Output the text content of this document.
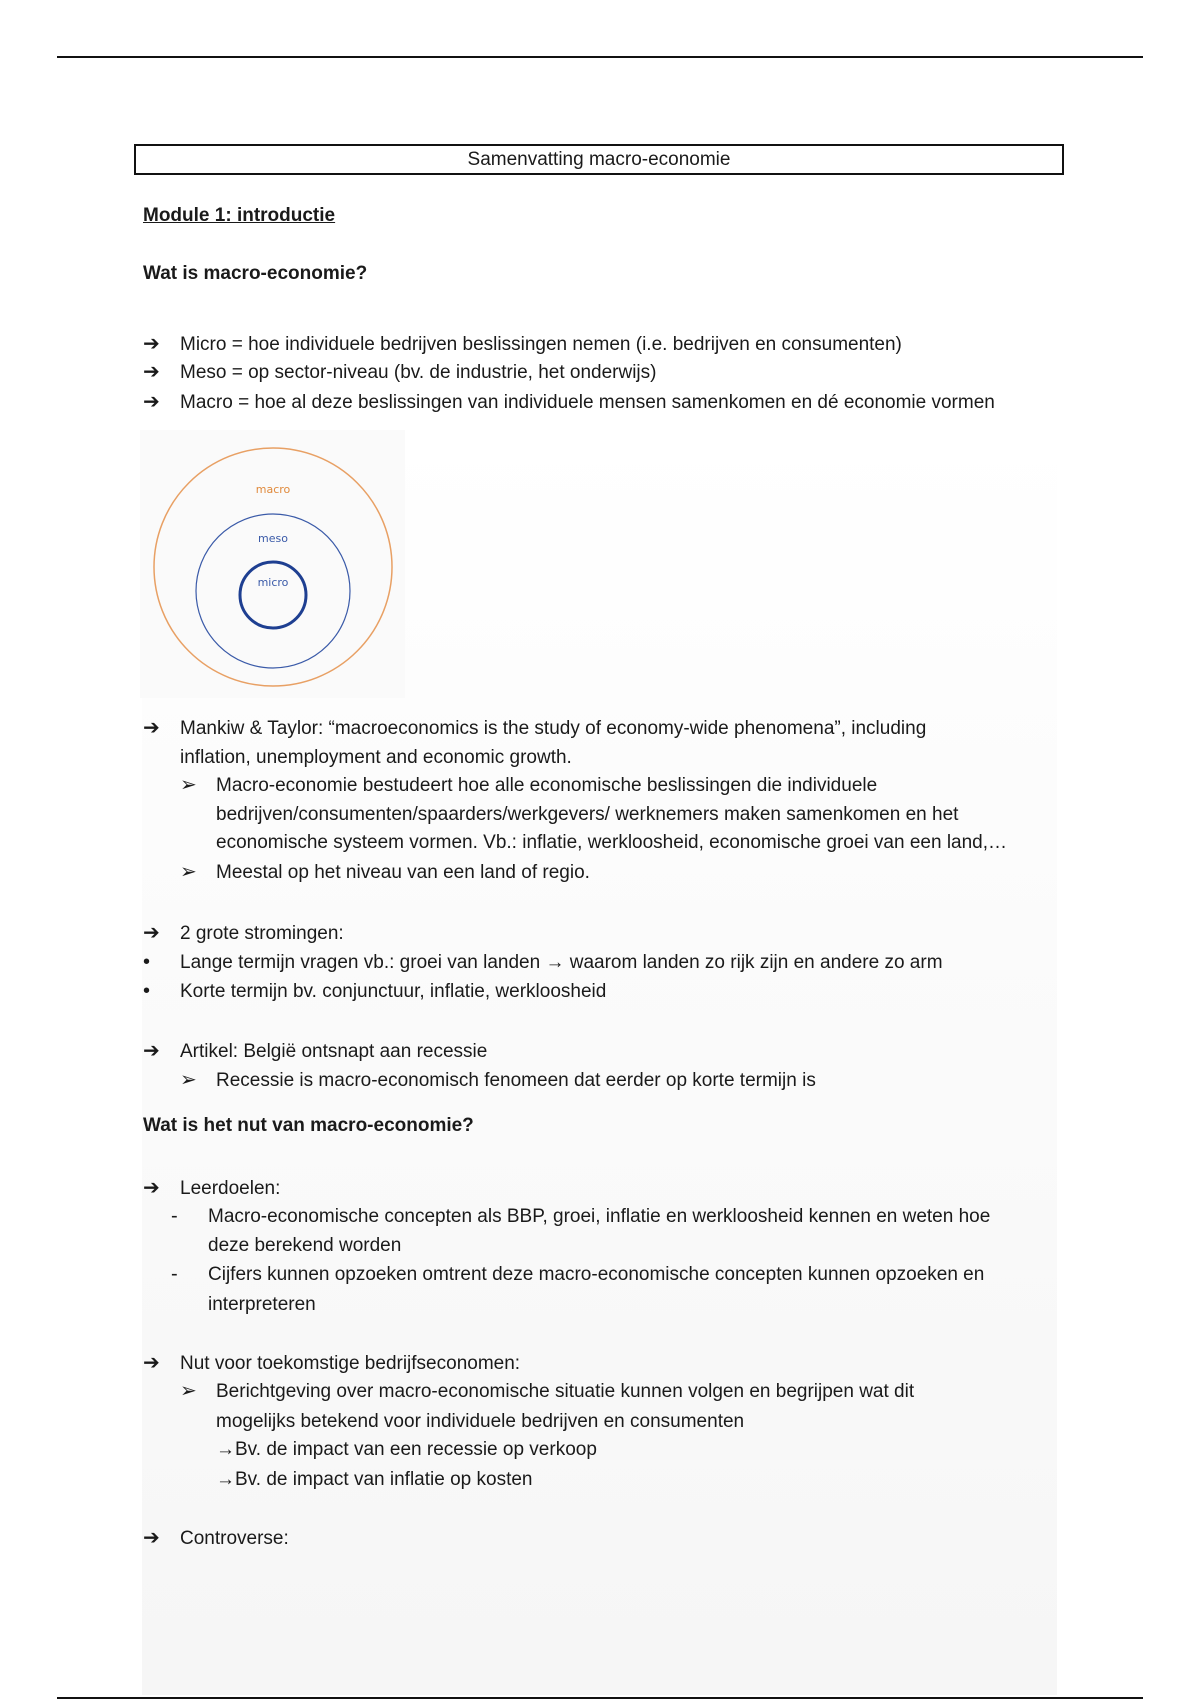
Samenvatting macro-economie
Module 1: introductie
Wat is macro-economie?
➔ Micro = hoe individuele bedrijven beslissingen nemen (i.e. bedrijven en consumenten)
➔ Meso = op sector-niveau (bv. de industrie, het onderwijs)
➔ Macro = hoe al deze beslissingen van individuele mensen samenkomen en dé economie vormen
macro
meso
micro
➔ Mankiw & Taylor: “macroeconomics is the study of economy-wide phenomena”, including
inflation, unemployment and economic growth.
➢ Macro-economie bestudeert hoe alle economische beslissingen die individuele
bedrijven/consumenten/spaarders/werkgevers/ werknemers maken samenkomen en het
economische systeem vormen. Vb.: inflatie, werkloosheid, economische groei van een land,…
➢ Meestal op het niveau van een land of regio.
➔ 2 grote stromingen:
• Lange termijn vragen vb.: groei van landen → waarom landen zo rijk zijn en andere zo arm
• Korte termijn bv. conjunctuur, inflatie, werkloosheid
➔ Artikel: België ontsnapt aan recessie
➢ Recessie is macro-economisch fenomeen dat eerder op korte termijn is
Wat is het nut van macro-economie?
➔ Leerdoelen:
- Macro-economische concepten als BBP, groei, inflatie en werkloosheid kennen en weten hoe
deze berekend worden
- Cijfers kunnen opzoeken omtrent deze macro-economische concepten kunnen opzoeken en
interpreteren
➔ Nut voor toekomstige bedrijfseconomen:
➢ Berichtgeving over macro-economische situatie kunnen volgen en begrijpen wat dit
mogelijks betekend voor individuele bedrijven en consumenten
→Bv. de impact van een recessie op verkoop
→Bv. de impact van inflatie op kosten
➔ Controverse:
